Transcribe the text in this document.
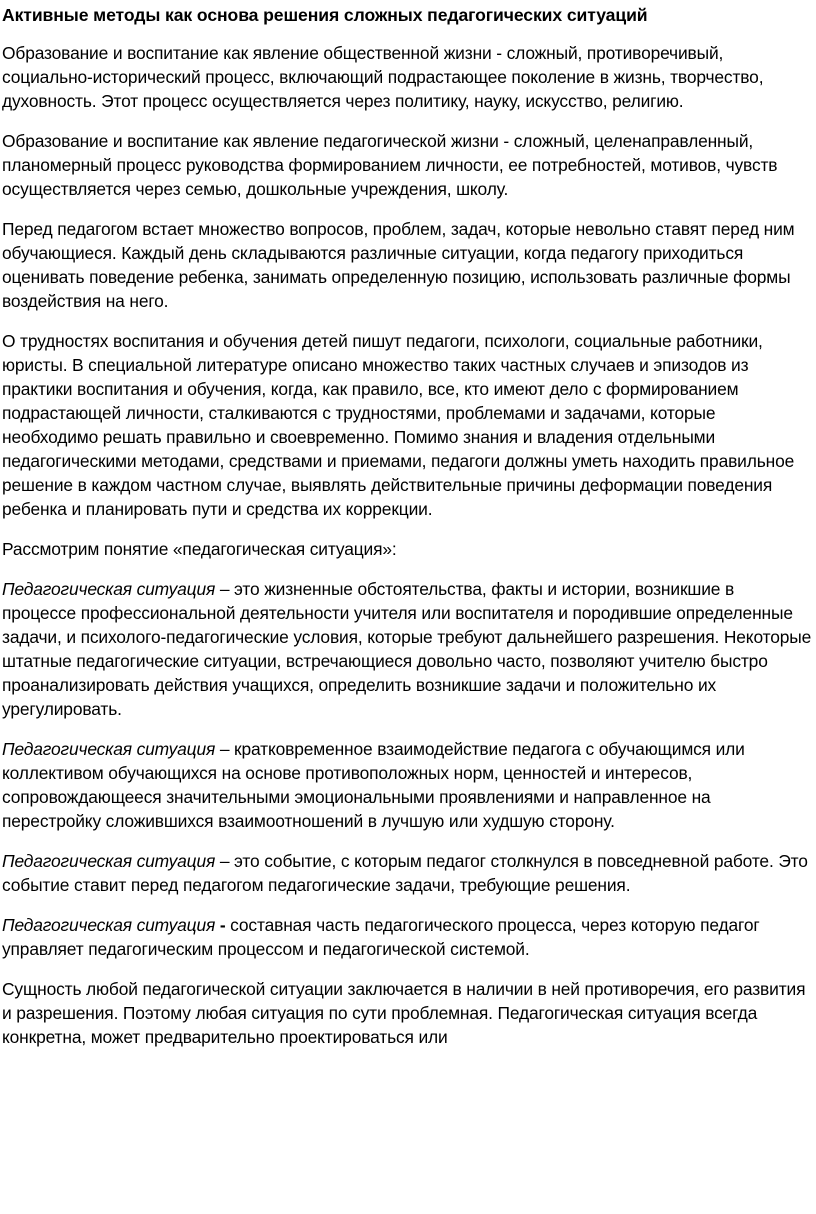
Активные методы как основа решения сложных педагогических ситуаций

Образование и воспитание как явление общественной жизни - сложный, противоречивый, социально-исторический процесс, включающий подрастающее поколение в жизнь, творчество, духовность. Этот процесс осуществляется через политику, науку, искусство, религию.

Образование и воспитание как явление педагогической жизни - сложный, целенаправленный, планомерный процесс руководства формированием личности, ее потребностей, мотивов, чувств осуществляется через семью, дошкольные учреждения, школу.

Перед педагогом встает множество вопросов, проблем, задач, которые невольно ставят перед ним обучающиеся. Каждый день складываются различные ситуации, когда педагогу приходиться оценивать поведение ребенка, занимать определенную позицию, использовать различные формы воздействия на него.

О трудностях воспитания и обучения детей пишут педагоги, психологи, социальные работники, юристы. В специальной литературе описано множество таких частных случаев и эпизодов из практики воспитания и обучения, когда, как правило, все, кто имеют дело с формированием подрастающей личности, сталкиваются с трудностями, проблемами и задачами, которые необходимо решать правильно и своевременно. Помимо знания и владения отдельными педагогическими методами, средствами и приемами, педагоги должны уметь находить правильное решение в каждом частном случае, выявлять действительные причины деформации поведения ребенка и планировать пути и средства их коррекции.

Рассмотрим понятие «педагогическая ситуация»:

Педагогическая ситуация – это жизненные обстоятельства, факты и истории, возникшие в процессе профессиональной деятельности учителя или воспитателя и породившие определенные задачи, и психолого-педагогические условия, которые требуют дальнейшего разрешения. Некоторые штатные педагогические ситуации, встречающиеся довольно часто, позволяют учителю быстро проанализировать действия учащихся, определить возникшие задачи и положительно их урегулировать.

Педагогическая ситуация – кратковременное взаимодействие педагога с обучающимся или коллективом обучающихся на основе противоположных норм, ценностей и интересов, сопровождающееся значительными эмоциональными проявлениями и направленное на перестройку сложившихся взаимоотношений в лучшую или худшую сторону.

Педагогическая ситуация – это событие, с которым педагог столкнулся в повседневной работе. Это событие ставит перед педагогом педагогические задачи, требующие решения.

Педагогическая ситуация - составная часть педагогического процесса, через которую педагог управляет педагогическим процессом и педагогической системой.

Сущность любой педагогической ситуации заключается в наличии в ней противоречия, его развития и разрешения. Поэтому любая ситуация по сути проблемная. Педагогическая ситуация всегда конкретна, может предварительно проектироваться или
